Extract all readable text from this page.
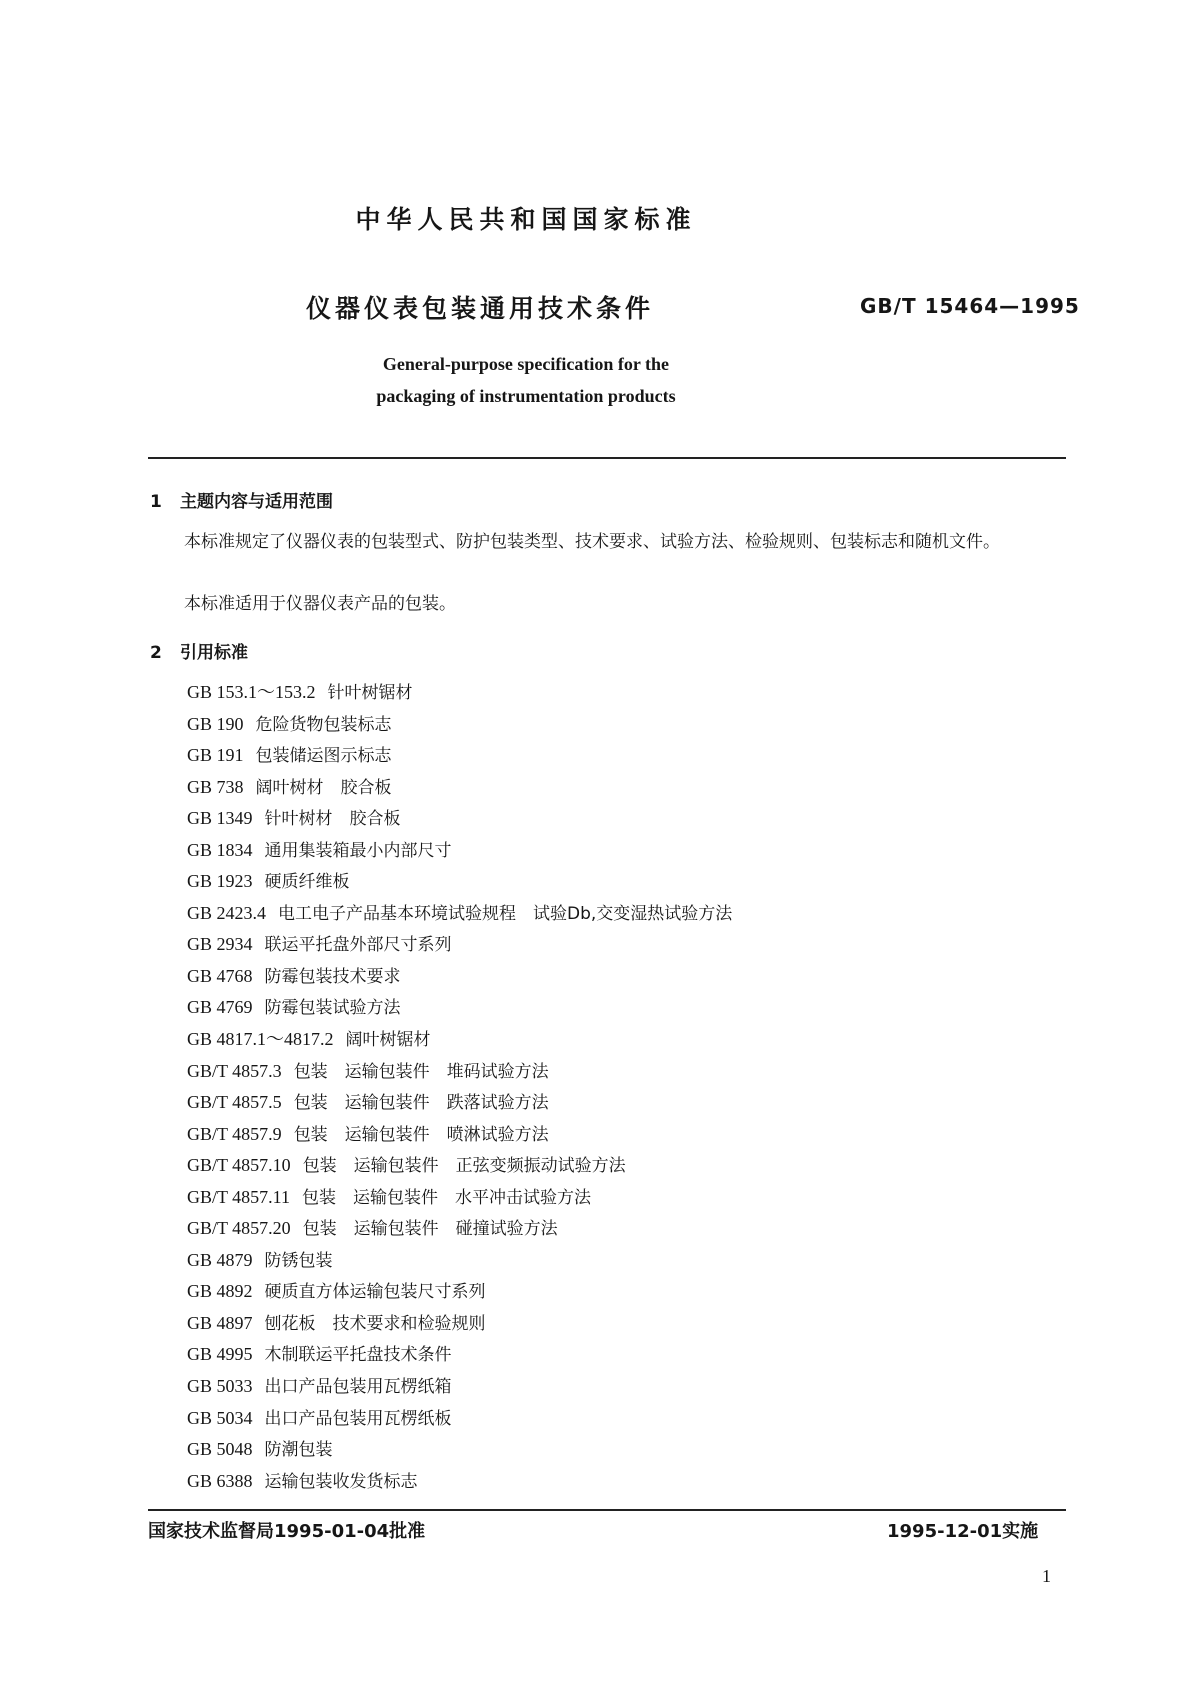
中华人民共和国国家标准
仪器仪表包装通用技术条件	GB/T 15464—1995
General-purpose specification for the
packaging of instrumentation products
1 主题内容与适用范围
本标准规定了仪器仪表的包装型式、防护包装类型、技术要求、试验方法、检验规则、包装标志和随机文件。
本标准适用于仪器仪表产品的包装。
2 引用标准
GB 153.1～153.2 针叶树锯材
GB 190 危险货物包装标志
GB 191 包装储运图示标志
GB 738 阔叶树材　胶合板
GB 1349 针叶树材　胶合板
GB 1834 通用集装箱最小内部尺寸
GB 1923 硬质纤维板
GB 2423.4 电工电子产品基本环境试验规程　试验Db,交变湿热试验方法
GB 2934 联运平托盘外部尺寸系列
GB 4768 防霉包装技术要求
GB 4769 防霉包装试验方法
GB 4817.1～4817.2 阔叶树锯材
GB/T 4857.3 包装　运输包装件　堆码试验方法
GB/T 4857.5 包装　运输包装件　跌落试验方法
GB/T 4857.9 包装　运输包装件　喷淋试验方法
GB/T 4857.10 包装　运输包装件　正弦变频振动试验方法
GB/T 4857.11 包装　运输包装件　水平冲击试验方法
GB/T 4857.20 包装　运输包装件　碰撞试验方法
GB 4879 防锈包装
GB 4892 硬质直方体运输包装尺寸系列
GB 4897 刨花板　技术要求和检验规则
GB 4995 木制联运平托盘技术条件
GB 5033 出口产品包装用瓦楞纸箱
GB 5034 出口产品包装用瓦楞纸板
GB 5048 防潮包装
GB 6388 运输包装收发货标志
国家技术监督局1995-01-04批准	1995-12-01实施
1
